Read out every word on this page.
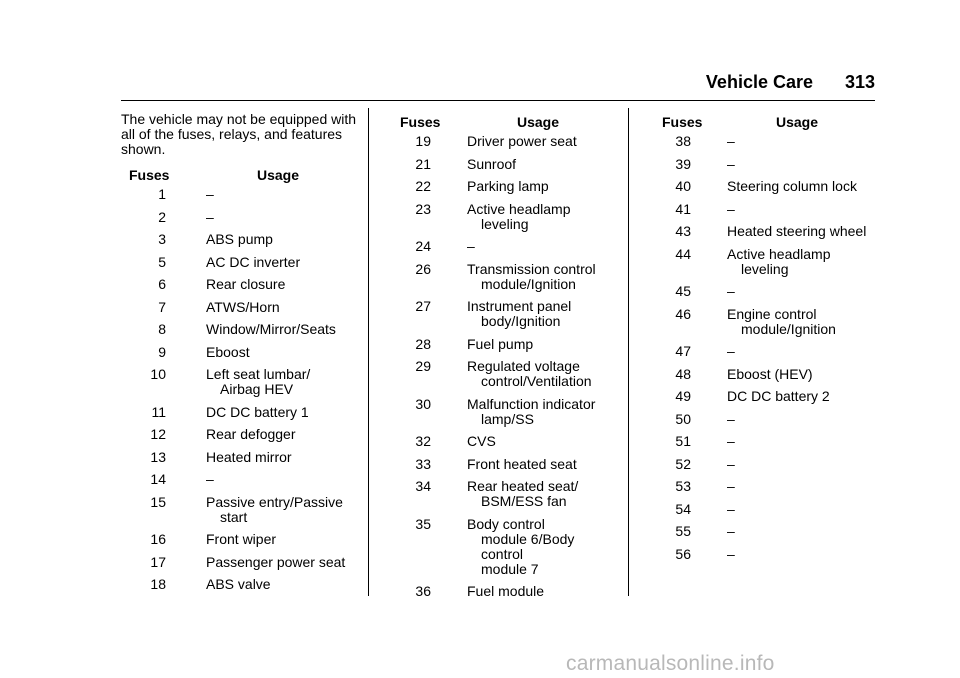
Vehicle Care 313
The vehicle may not be equipped with all of the fuses, relays, and features shown.
Fuses	Usage
1	–
2	–
3	ABS pump
5	AC DC inverter
6	Rear closure
7	ATWS/Horn
8	Window/Mirror/Seats
9	Eboost
10	Left seat lumbar/
Airbag HEV
11	DC DC battery 1
12	Rear defogger
13	Heated mirror
14	–
15	Passive entry/Passive
start
16	Front wiper
17	Passenger power seat
18	ABS valve
Fuses	Usage
19	Driver power seat
21	Sunroof
22	Parking lamp
23	Active headlamp
leveling
24	–
26	Transmission control
module/Ignition
27	Instrument panel
body/Ignition
28	Fuel pump
29	Regulated voltage
control/Ventilation
30	Malfunction indicator
lamp/SS
32	CVS
33	Front heated seat
34	Rear heated seat/
BSM/ESS fan
35	Body control
module 6/Body control
module 7
36	Fuel module
Fuses	Usage
38	–
39	–
40	Steering column lock
41	–
43	Heated steering wheel
44	Active headlamp
leveling
45	–
46	Engine control
module/Ignition
47	–
48	Eboost (HEV)
49	DC DC battery 2
50	–
51	–
52	–
53	–
54	–
55	–
56	–
carmanualsonline.info
